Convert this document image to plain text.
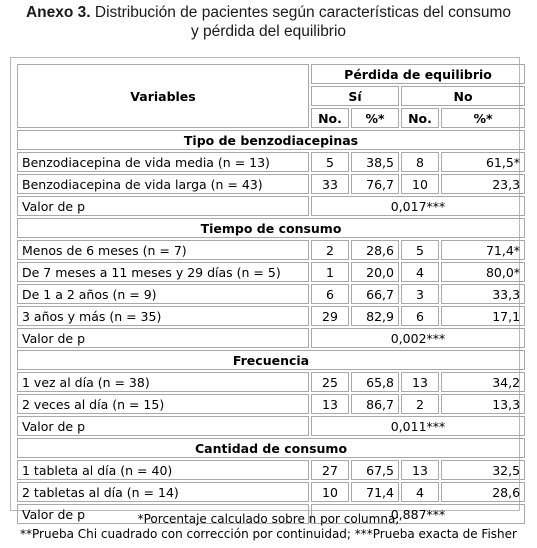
Anexo 3. Distribución de pacientes según características del consumo
y pérdida del equilibrio
Variables	Pérdida de equilibrio			
	Sí		No	
	No.	%*	No.	%*
Tipo de benzodiacepinas				
Benzodiacepina de vida media (n = 13)	5	38,5	8	61,5*
Benzodiacepina de vida larga (n = 43)	33	76,7	10	23,3
Valor de p	0,017***			
Tiempo de consumo				
Menos de 6 meses (n = 7)	2	28,6	5	71,4*
De 7 meses a 11 meses y 29 días (n = 5)	1	20,0	4	80,0*
De 1 a 2 años (n = 9)	6	66,7	3	33,3
3 años y más (n = 35)	29	82,9	6	17,1
Valor de p	0,002***			
Frecuencia				
1 vez al día (n = 38)	25	65,8	13	34,2
2 veces al día (n = 15)	13	86,7	2	13,3
Valor de p	0,011***			
Cantidad de consumo				
1 tableta al día (n = 40)	27	67,5	13	32,5
2 tabletas al día (n = 14)	10	71,4	4	28,6
Valor de p	0,887***			
*Porcentaje calculado sobre n por columna;
**Prueba Chi cuadrado con corrección por continuidad; ***Prueba exacta de Fisher
